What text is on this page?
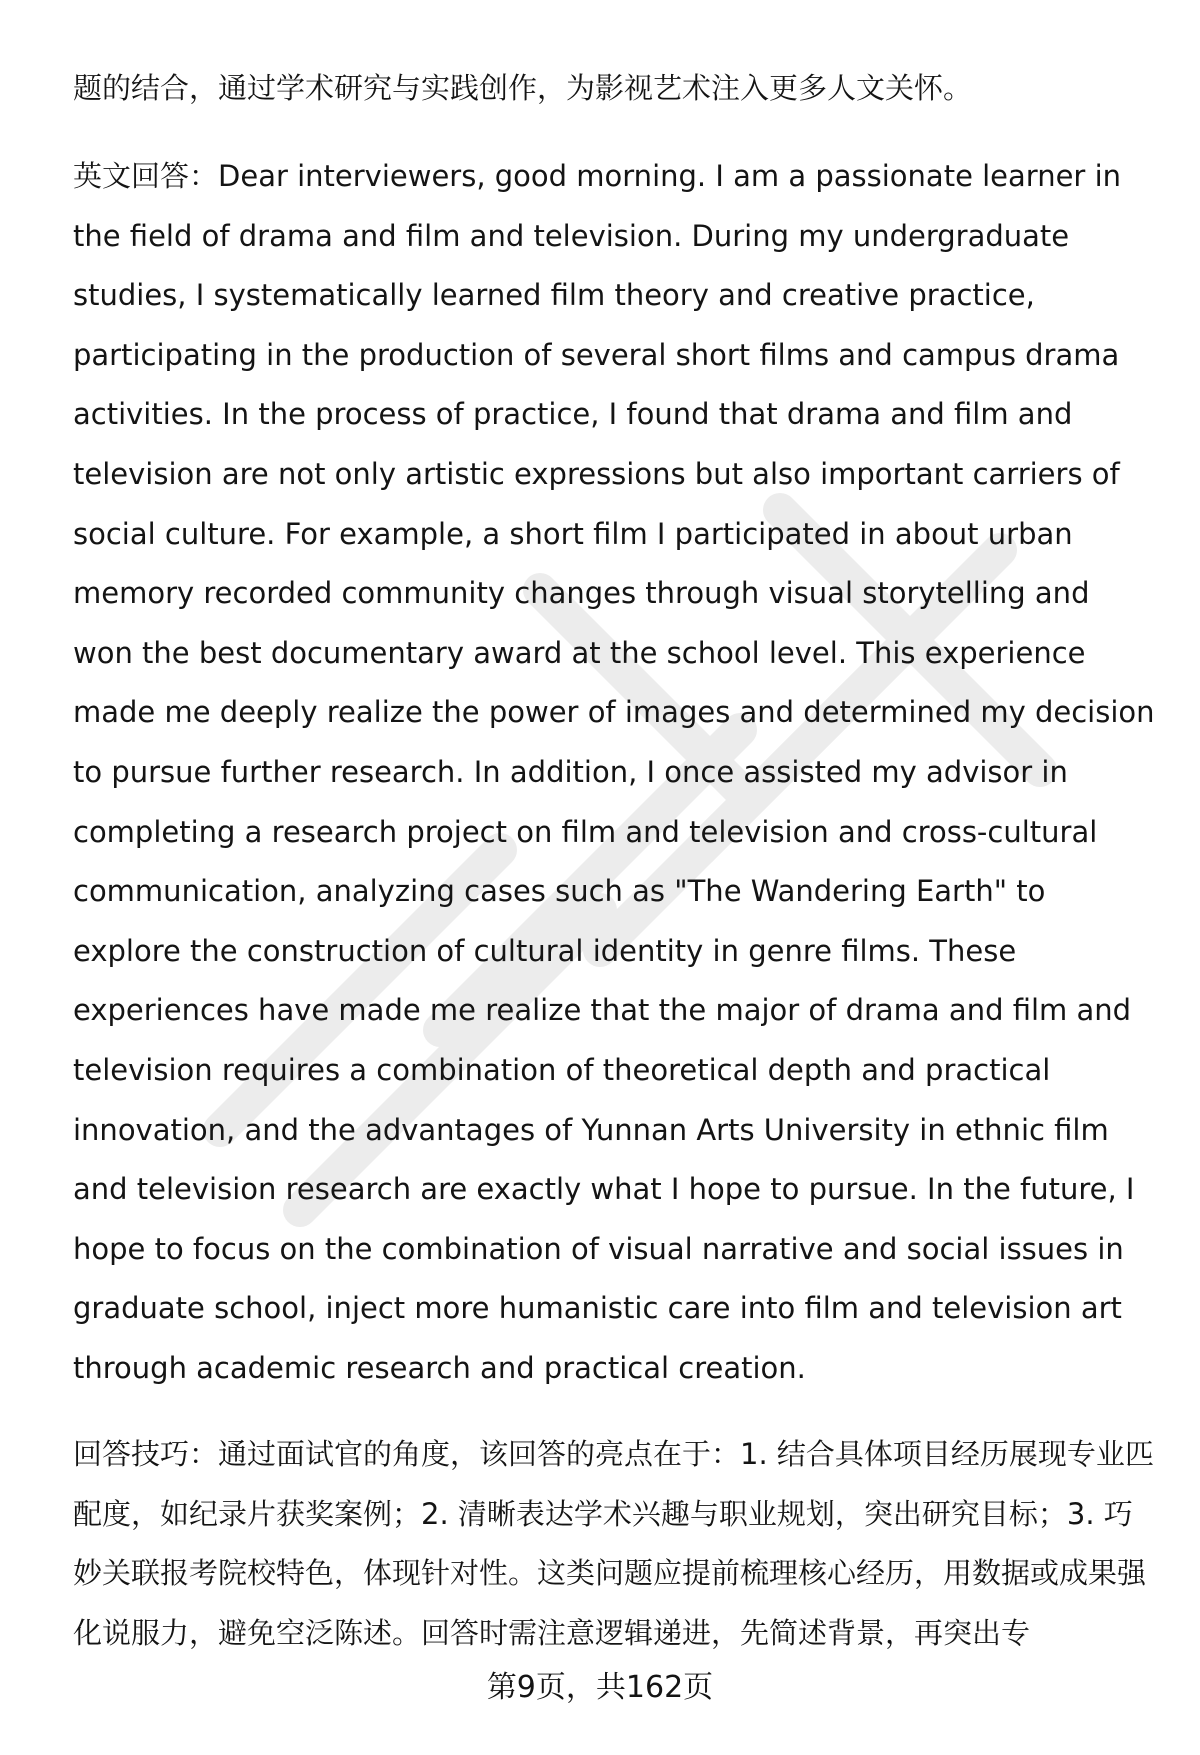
题的结合，通过学术研究与实践创作，为影视艺术注入更多人文关怀。

英文回答：Dear interviewers, good morning. I am a passionate learner in the field of drama and film and television. During my undergraduate studies, I systematically learned film theory and creative practice, participating in the production of several short films and campus drama activities. In the process of practice, I found that drama and film and television are not only artistic expressions but also important carriers of social culture. For example, a short film I participated in about urban memory recorded community changes through visual storytelling and won the best documentary award at the school level. This experience made me deeply realize the power of images and determined my decision to pursue further research. In addition, I once assisted my advisor in completing a research project on film and television and cross-cultural communication, analyzing cases such as "The Wandering Earth" to explore the construction of cultural identity in genre films. These experiences have made me realize that the major of drama and film and television requires a combination of theoretical depth and practical innovation, and the advantages of Yunnan Arts University in ethnic film and television research are exactly what I hope to pursue. In the future, I hope to focus on the combination of visual narrative and social issues in graduate school, inject more humanistic care into film and television art through academic research and practical creation.

回答技巧：通过面试官的角度，该回答的亮点在于：1. 结合具体项目经历展现专业匹配度，如纪录片获奖案例；2. 清晰表达学术兴趣与职业规划，突出研究目标；3. 巧妙关联报考院校特色，体现针对性。这类问题应提前梳理核心经历，用数据或成果强化说服力，避免空泛陈述。回答时需注意逻辑递进，先简述背景，再突出专

第9页，共162页
